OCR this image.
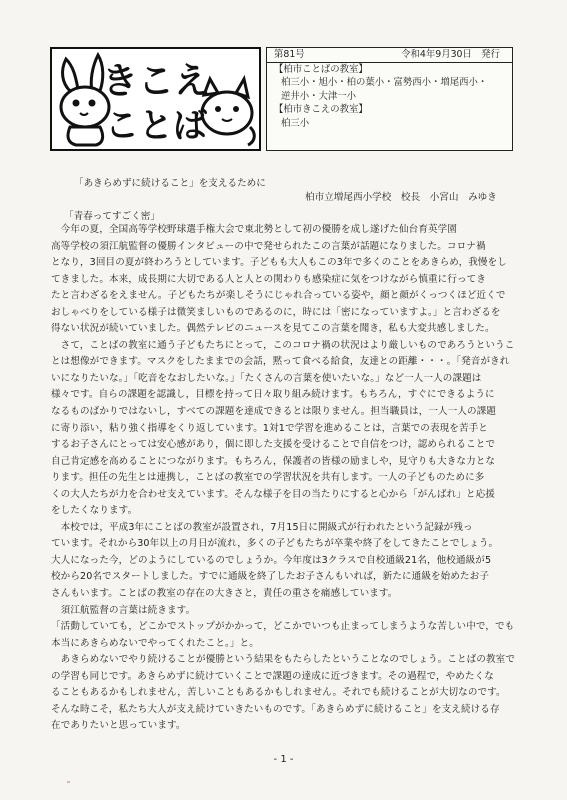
きこえ
ことば
第81号	令和4年9月30日　発行
【柏市ことばの教室】
柏三小・旭小・柏の葉小・富勢西小・増尾西小・
逆井小・大津一小
【柏市きこえの教室】
柏三小
「あきらめずに続けること」を支えるために
柏市立増尾西小学校　校長　小宮山　みゆき
「青春ってすごく密」
　今年の夏，全国高等学校野球選手権大会で東北勢として初の優勝を成し遂げた仙台育英学園
高等学校の須江航監督の優勝インタビューの中で発せられたこの言葉が話題になりました。コロナ禍
となり，3回目の夏が終わろうとしています。子どもも大人もこの3年で多くのことをあきらめ，我慢をし
てきました。本来，成長期に大切である人と人との関わりも感染症に気をつけながら慎重に行ってき
たと言わざるをえません。子どもたちが楽しそうにじゃれ合っている姿や，顔と顔がくっつくほど近くで
おしゃべりをしている様子は微笑ましいものであるのに，時には「密になっていますよ。」と言わざるを
得ない状況が続いていました。偶然テレビのニュースを見てこの言葉を聞き，私も大変共感しました。
　さて，ことばの教室に通う子どもたちにとって，このコロナ禍の状況はより厳しいものであろうというこ
とは想像ができます。マスクをしたままでの会話，黙って食べる給食，友達との距離・・・。「発音がきれ
いになりたいな。」「吃音をなおしたいな。」「たくさんの言葉を使いたいな。」など一人一人の課題は
様々です。自らの課題を認識し，目標を持って日々取り組み続けます。もちろん，すぐにできるように
なるものばかりではないし，すべての課題を達成できるとは限りません。担当職員は，一人一人の課題
に寄り添い，粘り強く指導をくり返しています。1対1で学習を進めることは，言葉での表現を苦手と
するお子さんにとっては安心感があり，個に即した支援を受けることで自信をつけ，認められることで
自己肯定感を高めることにつながります。もちろん，保護者の皆様の励ましや，見守りも大きな力とな
ります。担任の先生とは連携し，ことばの教室での学習状況を共有します。一人の子どものために多
くの大人たちが力を合わせ支えています。そんな様子を目の当たりにすると心から「がんばれ」と応援
をしたくなります。
　本校では，平成3年にことばの教室が設置され，7月15日に開級式が行われたという記録が残っ
ています。それから30年以上の月日が流れ，多くの子どもたちが卒業や終了をしてきたことでしょう。
大人になった今，どのようにしているのでしょうか。今年度は3クラスで自校通級21名，他校通級が5
校から20名でスタートしました。すでに通級を終了したお子さんもいれば，新たに通級を始めたお子
さんもいます。ことばの教室の存在の大きさと，責任の重さを痛感しています。
　須江航監督の言葉は続きます。
「活動していても，どこかでストップがかかって，どこかでいつも止まってしまうような苦しい中で，でも
本当にあきらめないでやってくれたこと。」と。
　あきらめないでやり続けることが優勝という結果をもたらしたということなのでしょう。ことばの教室で
の学習も同じです。あきらめずに続けていくことで課題の達成に近づきます。その過程で，やめたくな
ることもあるかもしれません，苦しいこともあるかもしれません。それでも続けることが大切なのです。
そんな時こそ，私たち大人が支え続けていきたいものです。「あきらめずに続けること」を支え続ける存
在でありたいと思っています。
- 1 -
